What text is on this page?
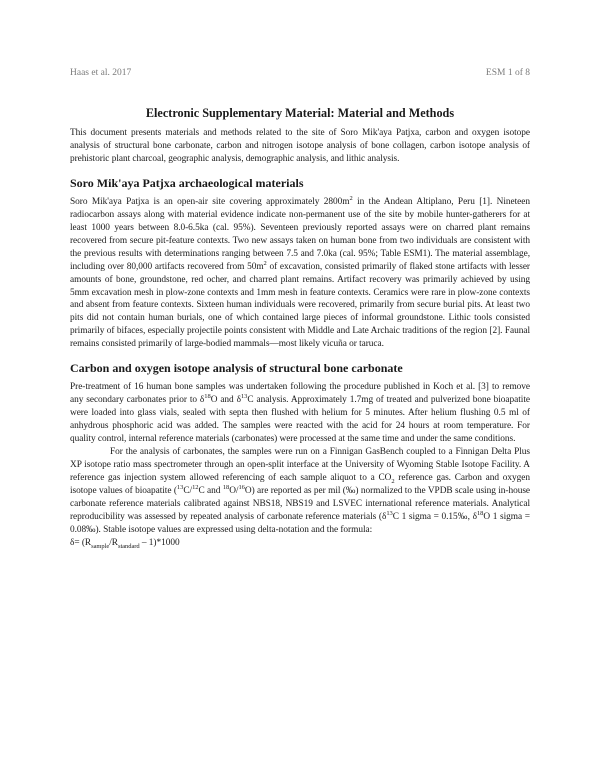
Haas et al. 2017	ESM 1 of 8
Electronic Supplementary Material: Material and Methods

This document presents materials and methods related to the site of Soro Mik'aya Patjxa, carbon and oxygen isotope analysis of structural bone carbonate, carbon and nitrogen isotope analysis of bone collagen, carbon isotope analysis of prehistoric plant charcoal, geographic analysis, demographic analysis, and lithic analysis.

Soro Mik'aya Patjxa archaeological materials

Soro Mik'aya Patjxa is an open-air site covering approximately $2800m^2$ in the Andean Altiplano, Peru [1]. Nineteen radiocarbon assays along with material evidence indicate non-permanent use of the site by mobile hunter-gatherers for at least 1000 years between 8.0-6.5ka (cal. 95%). Seventeen previously reported assays were on charred plant remains recovered from secure pit-feature contexts. Two new assays taken on human bone from two individuals are consistent with the previous results with determinations ranging between 7.5 and 7.0ka (cal. 95%; Table ESM1). The material assemblage, including over 80,000 artifacts recovered from $50m^2$ of excavation, consisted primarily of flaked stone artifacts with lesser amounts of bone, groundstone, red ocher, and charred plant remains. Artifact recovery was primarily achieved by using 5mm excavation mesh in plow-zone contexts and 1mm mesh in feature contexts. Ceramics were rare in plow-zone contexts and absent from feature contexts. Sixteen human individuals were recovered, primarily from secure burial pits. At least two pits did not contain human burials, one of which contained large pieces of informal groundstone. Lithic tools consisted primarily of bifaces, especially projectile points consistent with Middle and Late Archaic traditions of the region [2]. Faunal remains consisted primarily of large-bodied mammals—most likely vicuña or taruca.

Carbon and oxygen isotope analysis of structural bone carbonate

Pre-treatment of 16 human bone samples was undertaken following the procedure published in Koch et al. [3] to remove any secondary carbonates prior to $\delta^{18}O$ and $\delta^{13}C$ analysis. Approximately 1.7mg of treated and pulverized bone bioapatite were loaded into glass vials, sealed with septa then flushed with helium for 5 minutes. After helium flushing 0.5 ml of anhydrous phosphoric acid was added. The samples were reacted with the acid for 24 hours at room temperature. For quality control, internal reference materials (carbonates) were processed at the same time and under the same conditions.

For the analysis of carbonates, the samples were run on a Finnigan GasBench coupled to a Finnigan Delta Plus XP isotope ratio mass spectrometer through an open-split interface at the University of Wyoming Stable Isotope Facility. A reference gas injection system allowed referencing of each sample aliquot to a $CO_2$ reference gas. Carbon and oxygen isotope values of bioapatite ($^{13}$C/$^{12}$C and $^{18}$O/$^{16}$O) are reported as per mil (‰) normalized to the VPDB scale using in-house carbonate reference materials calibrated against NBS18, NBS19 and LSVEC international reference materials. Analytical reproducibility was assessed by repeated analysis of carbonate reference materials ($\delta^{13}C$ 1 sigma = 0.15‰, $\delta^{18}O$ 1 sigma = 0.08‰). Stable isotope values are expressed using delta-notation and the formula:

$\delta= (R_{sample}/R_{standard} - 1)*1000$
